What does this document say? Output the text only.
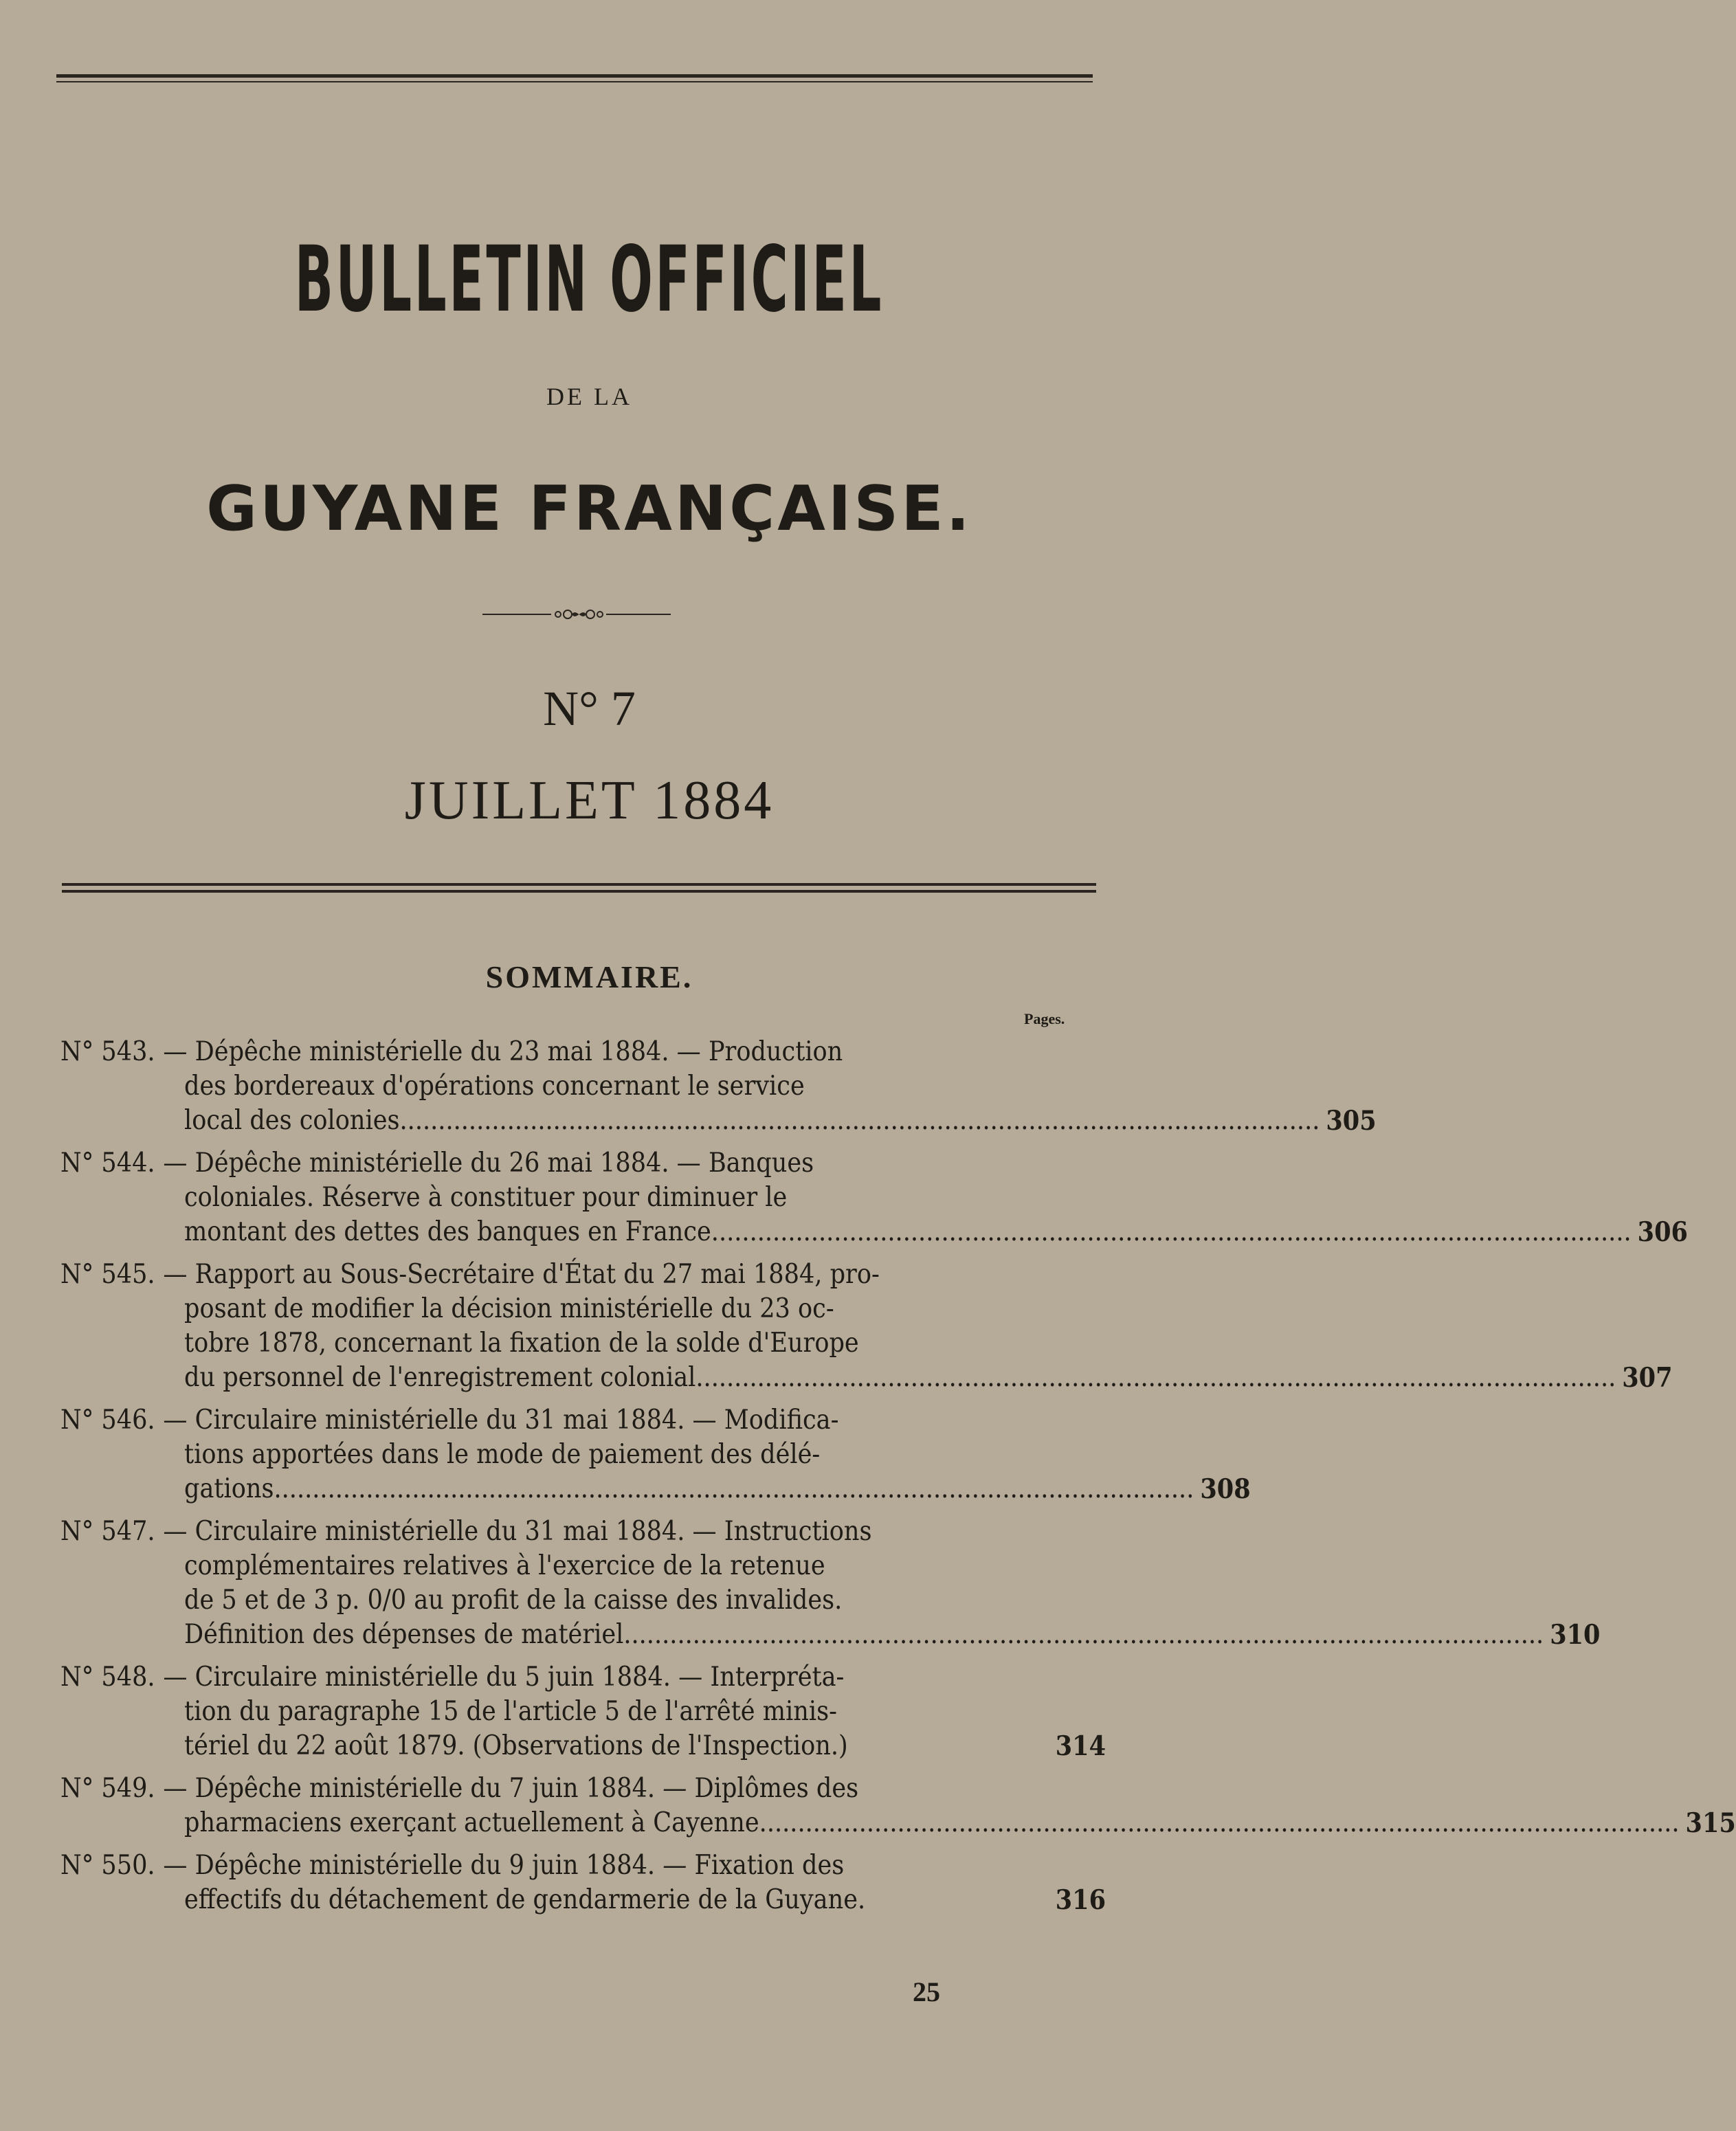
BULLETIN OFFICIEL
DE LA
GUYANE FRANÇAISE.
N° 7
JUILLET 1884
SOMMAIRE.
Pages.
N° 543. — Dépêche ministérielle du 23 mai 1884. — Production
des bordereaux d'opérations concernant le service
local des colonies ........................................................................................................................ 305
N° 544. — Dépêche ministérielle du 26 mai 1884. — Banques
coloniales. Réserve à constituer pour diminuer le
montant des dettes des banques en France ........................................................................................................................ 306
N° 545. — Rapport au Sous-Secrétaire d'État du 27 mai 1884, pro-
posant de modifier la décision ministérielle du 23 oc-
tobre 1878, concernant la fixation de la solde d'Europe
du personnel de l'enregistrement colonial ........................................................................................................................ 307
N° 546. — Circulaire ministérielle du 31 mai 1884. — Modifica-
tions apportées dans le mode de paiement des délé-
gations ........................................................................................................................ 308
N° 547. — Circulaire ministérielle du 31 mai 1884. — Instructions
complémentaires relatives à l'exercice de la retenue
de 5 et de 3 p. 0/0 au profit de la caisse des invalides.
Définition des dépenses de matériel ........................................................................................................................ 310
N° 548. — Circulaire ministérielle du 5 juin 1884. — Interpréta-
tion du paragraphe 15 de l'article 5 de l'arrêté minis-
tériel du 22 août 1879. (Observations de l'Inspection.)	314
N° 549. — Dépêche ministérielle du 7 juin 1884. — Diplômes des
pharmaciens exerçant actuellement à Cayenne ........................................................................................................................ 315
N° 550. — Dépêche ministérielle du 9 juin 1884. — Fixation des
effectifs du détachement de gendarmerie de la Guyane.	316
25
